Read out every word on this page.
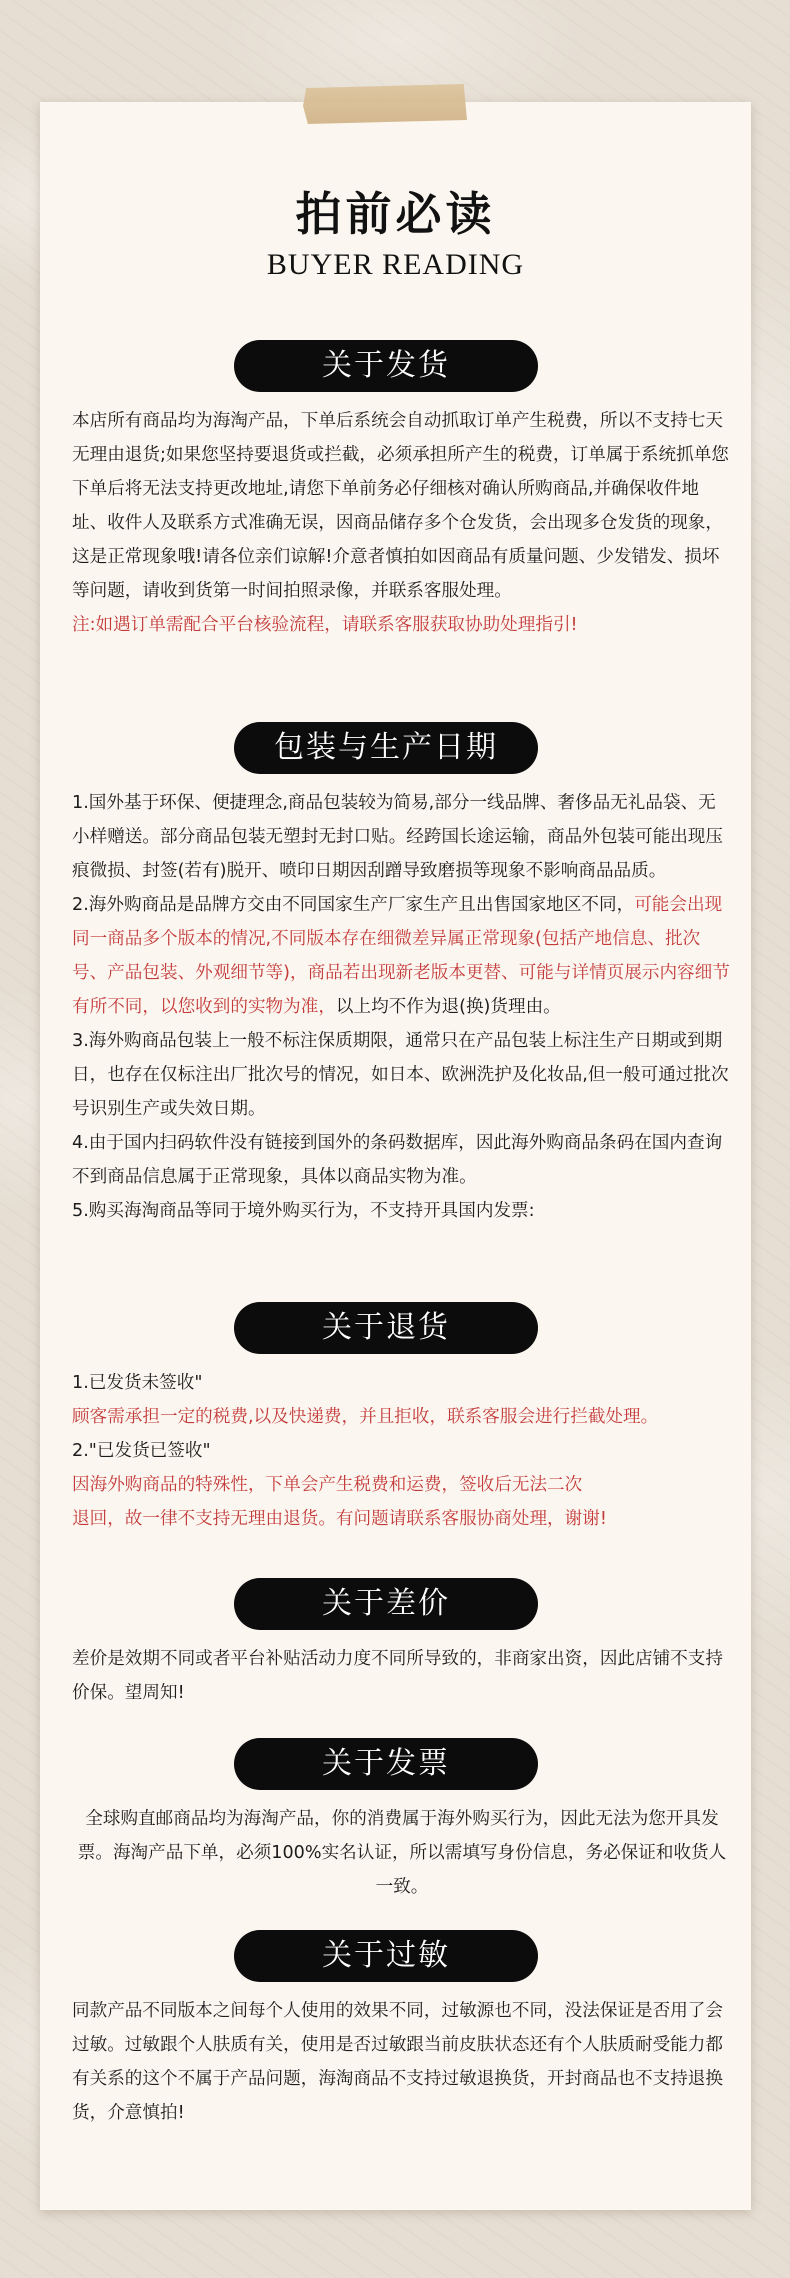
拍前必读
BUYER READING
关于发货

本店所有商品均为海淘产品，下单后系统会自动抓取订单产生税费，所以不支持七天无理由退货;如果您坚持要退货或拦截，必须承担所产生的税费，订单属于系统抓单您下单后将无法支持更改地址,请您下单前务必仔细核对确认所购商品,并确保收件地址、收件人及联系方式准确无误，因商品储存多个仓发货，会出现多仓发货的现象，这是正常现象哦!请各位亲们谅解!介意者慎拍如因商品有质量问题、少发错发、损坏等问题，请收到货第一时间拍照录像，并联系客服处理。

注:如遇订单需配合平台核验流程，请联系客服获取协助处理指引!

包装与生产日期

1.国外基于环保、便捷理念,商品包装较为简易,部分一线品牌、奢侈品无礼品袋、无小样赠送。部分商品包装无塑封无封口贴。经跨国长途运输，商品外包装可能出现压痕微损、封签(若有)脱开、喷印日期因刮蹭导致磨损等现象不影响商品品质。

2.海外购商品是品牌方交由不同国家生产厂家生产且出售国家地区不同，可能会出现同一商品多个版本的情况,不同版本存在细微差异属正常现象(包括产地信息、批次号、产品包装、外观细节等)，商品若出现新老版本更替、可能与详情页展示内容细节有所不同，以您收到的实物为准，以上均不作为退(换)货理由。

3.海外购商品包装上一般不标注保质期限，通常只在产品包装上标注生产日期或到期日，也存在仅标注出厂批次号的情况，如日本、欧洲洗护及化妆品,但一般可通过批次号识别生产或失效日期。

4.由于国内扫码软件没有链接到国外的条码数据库，因此海外购商品条码在国内查询不到商品信息属于正常现象，具体以商品实物为准。

5.购买海淘商品等同于境外购买行为，不支持开具国内发票:

关于退货

1.已发货未签收"

顾客需承担一定的税费,以及快递费，并且拒收，联系客服会进行拦截处理。

2."已发货已签收"

因海外购商品的特殊性，下单会产生税费和运费，签收后无法二次

退回，故一律不支持无理由退货。有问题请联系客服协商处理，谢谢!

关于差价

差价是效期不同或者平台补贴活动力度不同所导致的，非商家出资，因此店铺不支持价保。望周知!

关于发票

全球购直邮商品均为海淘产品，你的消费属于海外购买行为，因此无法为您开具发票。海淘产品下单，必须100%实名认证，所以需填写身份信息，务必保证和收货人一致。

关于过敏

同款产品不同版本之间每个人使用的效果不同，过敏源也不同，没法保证是否用了会过敏。过敏跟个人肤质有关，使用是否过敏跟当前皮肤状态还有个人肤质耐受能力都有关系的这个不属于产品问题，海淘商品不支持过敏退换货，开封商品也不支持退换货，介意慎拍!
